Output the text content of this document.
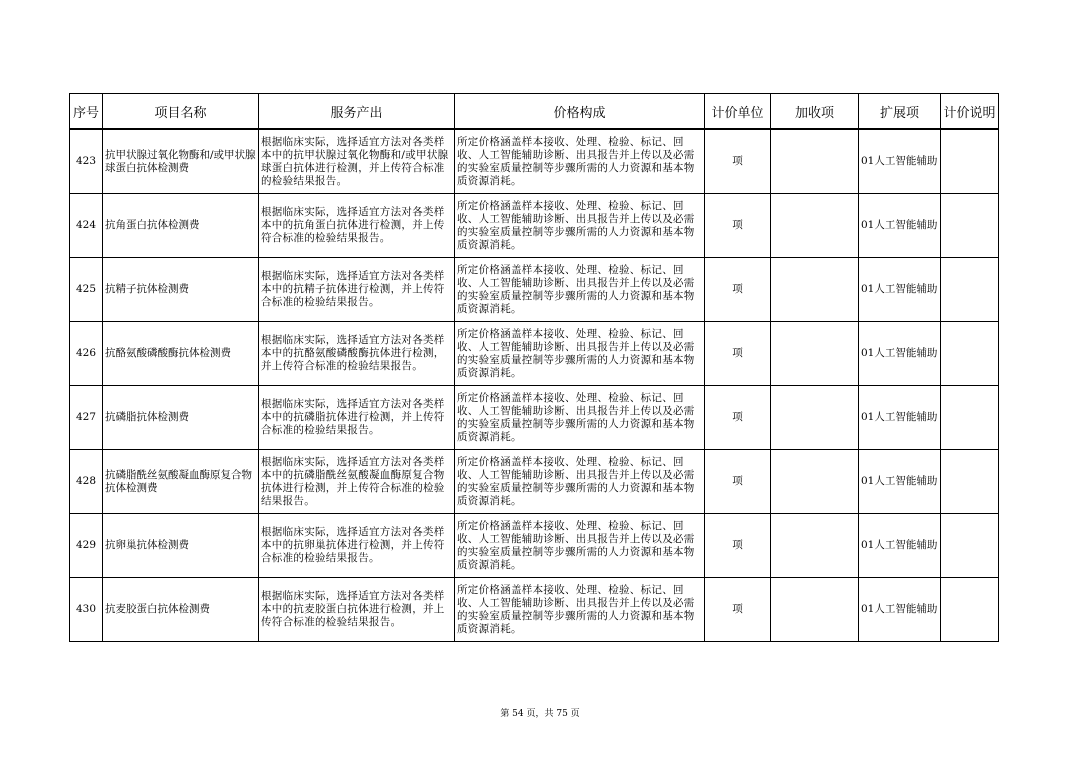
序号	项目名称	服务产出	价格构成	计价单位	加收项	扩展项	计价说明
423	抗甲状腺过氧化物酶和/或甲状腺球蛋白抗体检测费	根据临床实际，选择适宜方法对各类样本中的抗甲状腺过氧化物酶和/或甲状腺球蛋白抗体进行检测，并上传符合标准的检验结果报告。	所定价格涵盖样本接收、处理、检验、标记、回收、人工智能辅助诊断、出具报告并上传以及必需的实验室质量控制等步骤所需的人力资源和基本物质资源消耗。	项		01人工智能辅助	
424	抗角蛋白抗体检测费	根据临床实际，选择适宜方法对各类样本中的抗角蛋白抗体进行检测，并上传符合标准的检验结果报告。	所定价格涵盖样本接收、处理、检验、标记、回收、人工智能辅助诊断、出具报告并上传以及必需的实验室质量控制等步骤所需的人力资源和基本物质资源消耗。	项		01人工智能辅助	
425	抗精子抗体检测费	根据临床实际，选择适宜方法对各类样本中的抗精子抗体进行检测，并上传符合标准的检验结果报告。	所定价格涵盖样本接收、处理、检验、标记、回收、人工智能辅助诊断、出具报告并上传以及必需的实验室质量控制等步骤所需的人力资源和基本物质资源消耗。	项		01人工智能辅助	
426	抗酪氨酸磷酸酶抗体检测费	根据临床实际，选择适宜方法对各类样本中的抗酪氨酸磷酸酶抗体进行检测，并上传符合标准的检验结果报告。	所定价格涵盖样本接收、处理、检验、标记、回收、人工智能辅助诊断、出具报告并上传以及必需的实验室质量控制等步骤所需的人力资源和基本物质资源消耗。	项		01人工智能辅助	
427	抗磷脂抗体检测费	根据临床实际，选择适宜方法对各类样本中的抗磷脂抗体进行检测，并上传符合标准的检验结果报告。	所定价格涵盖样本接收、处理、检验、标记、回收、人工智能辅助诊断、出具报告并上传以及必需的实验室质量控制等步骤所需的人力资源和基本物质资源消耗。	项		01人工智能辅助	
428	抗磷脂酰丝氨酸凝血酶原复合物抗体检测费	根据临床实际，选择适宜方法对各类样本中的抗磷脂酰丝氨酸凝血酶原复合物抗体进行检测，并上传符合标准的检验结果报告。	所定价格涵盖样本接收、处理、检验、标记、回收、人工智能辅助诊断、出具报告并上传以及必需的实验室质量控制等步骤所需的人力资源和基本物质资源消耗。	项		01人工智能辅助	
429	抗卵巢抗体检测费	根据临床实际，选择适宜方法对各类样本中的抗卵巢抗体进行检测，并上传符合标准的检验结果报告。	所定价格涵盖样本接收、处理、检验、标记、回收、人工智能辅助诊断、出具报告并上传以及必需的实验室质量控制等步骤所需的人力资源和基本物质资源消耗。	项		01人工智能辅助	
430	抗麦胶蛋白抗体检测费	根据临床实际，选择适宜方法对各类样本中的抗麦胶蛋白抗体进行检测，并上传符合标准的检验结果报告。	所定价格涵盖样本接收、处理、检验、标记、回收、人工智能辅助诊断、出具报告并上传以及必需的实验室质量控制等步骤所需的人力资源和基本物质资源消耗。	项		01人工智能辅助	
第 54 页，共 75 页
